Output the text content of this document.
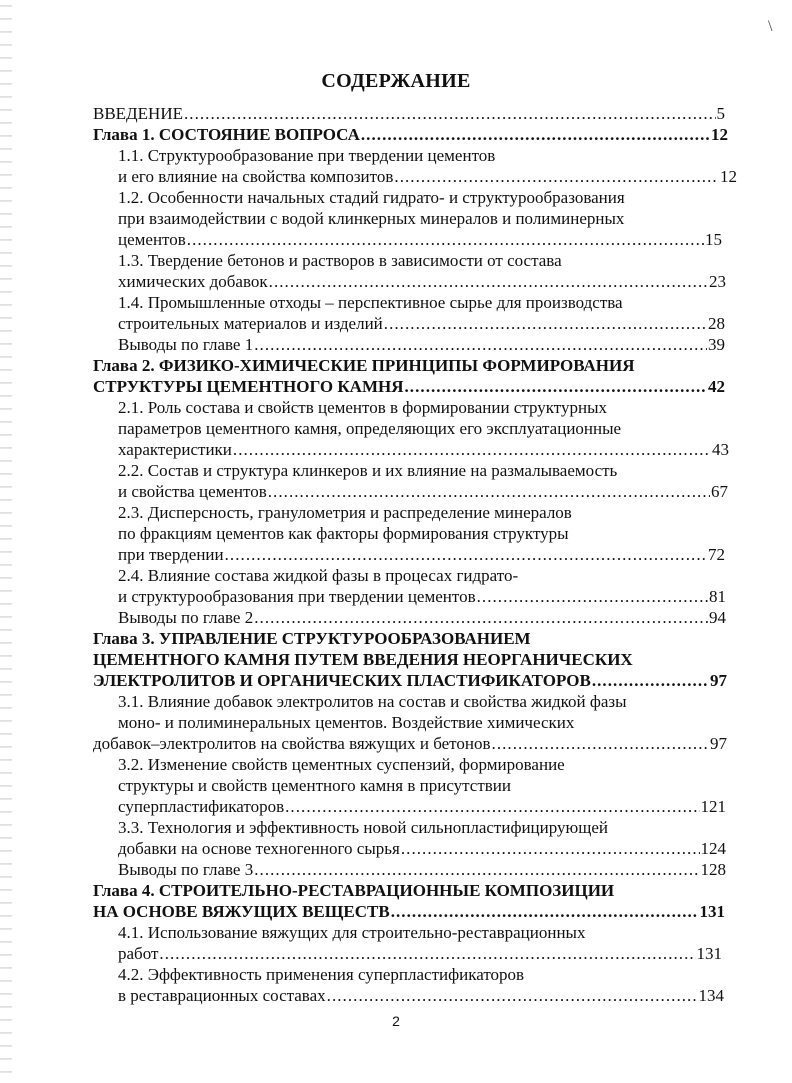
\
СОДЕРЖАНИЕ
ВВЕДЕНИЕ . . .	5
Глава 1. СОСТОЯНИЕ ВОПРОСА . . .	12
1.1. Структурообразование при твердении цементов
и его влияние на свойства композитов . . .	12
1.2. Особенности начальных стадий гидрато- и структурообразования
при взаимодействии с водой клинкерных минералов и полиминерных
цементов . . .	15
1.3. Твердение бетонов и растворов в зависимости от состава
химических добавок . . .	23
1.4. Промышленные отходы – перспективное сырье для производства
строительных материалов и изделий . . .	28
Выводы по главе 1 . . .	39
Глава 2. ФИЗИКО-ХИМИЧЕСКИЕ ПРИНЦИПЫ ФОРМИРОВАНИЯ
СТРУКТУРЫ ЦЕМЕНТНОГО КАМНЯ . . .	42
2.1. Роль состава и свойств цементов в формировании структурных
параметров цементного камня, определяющих его эксплуатационные
характеристики . . .	43
2.2. Состав и структура клинкеров и их влияние на размалываемость
и свойства цементов . . .	67
2.3. Дисперсность, гранулометрия и распределение минералов
по фракциям цементов как факторы формирования структуры
при твердении . . .	72
2.4. Влияние состава жидкой фазы в процесах гидрато-
и структурообразования при твердении цементов . . .	81
Выводы по главе 2 . . .	94
Глава 3. УПРАВЛЕНИЕ СТРУКТУРООБРАЗОВАНИЕМ
ЦЕМЕНТНОГО КАМНЯ ПУТЕМ ВВЕДЕНИЯ НЕОРГАНИЧЕСКИХ
ЭЛЕКТРОЛИТОВ И ОРГАНИЧЕСКИХ ПЛАСТИФИКАТОРОВ . . .	97
3.1. Влияние добавок электролитов на состав и свойства жидкой фазы
моно- и полиминеральных цементов. Воздействие химических
добавок–электролитов на свойства вяжущих и бетонов . . .	97
3.2. Изменение свойств цементных суспензий, формирование
структуры и свойств цементного камня в присутствии
суперпластификаторов . . .	121
3.3. Технология и эффективность новой сильнопластифицирующей
добавки на основе техногенного сырья . . .	124
Выводы по главе 3 . . .	128
Глава 4. СТРОИТЕЛЬНО-РЕСТАВРАЦИОННЫЕ КОМПОЗИЦИИ
НА ОСНОВЕ ВЯЖУЩИХ ВЕЩЕСТВ . . .	131
4.1. Использование вяжущих для строительно-реставрационных
работ . . .	131
4.2. Эффективность применения суперпластификаторов
в реставрационных составах . . .	134
2
